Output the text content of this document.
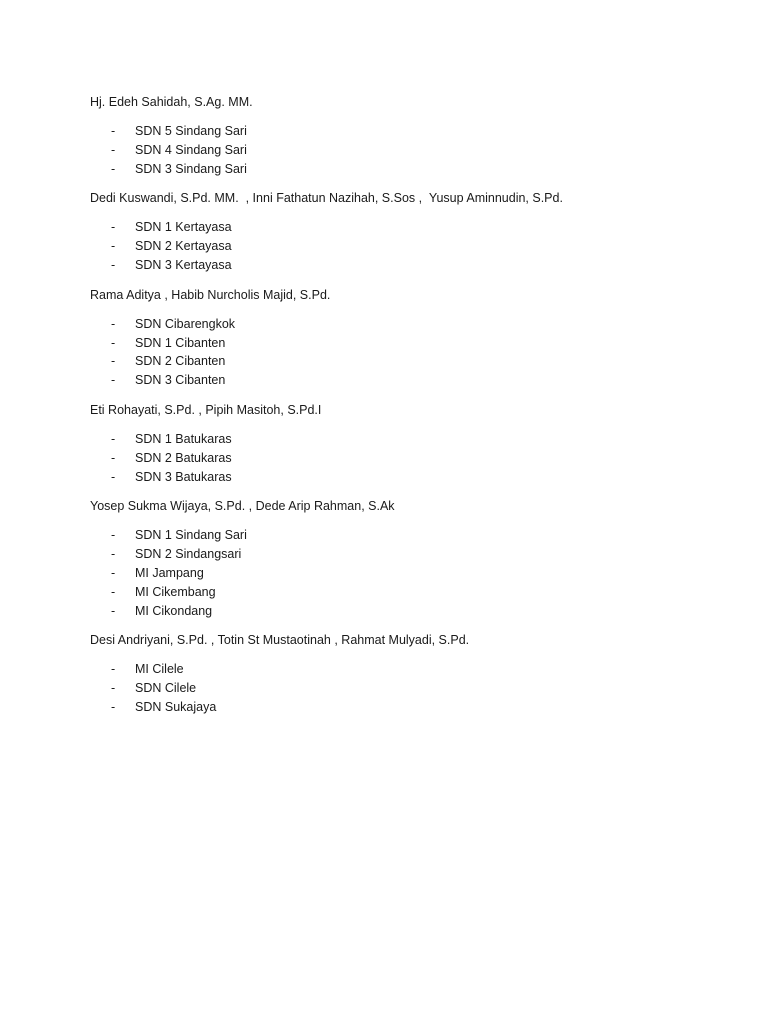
Hj. Edeh Sahidah, S.Ag. MM.

- SDN 5 Sindang Sari
- SDN 4 Sindang Sari
- SDN 3 Sindang Sari

Dedi Kuswandi, S.Pd. MM.  , Inni Fathatun Nazihah, S.Sos ,  Yusup Aminnudin, S.Pd.

- SDN 1 Kertayasa
- SDN 2 Kertayasa
- SDN 3 Kertayasa

Rama Aditya , Habib Nurcholis Majid, S.Pd.

- SDN Cibarengkok
- SDN 1 Cibanten
- SDN 2 Cibanten
- SDN 3 Cibanten

Eti Rohayati, S.Pd. , Pipih Masitoh, S.Pd.I

- SDN 1 Batukaras
- SDN 2 Batukaras
- SDN 3 Batukaras

Yosep Sukma Wijaya, S.Pd. , Dede Arip Rahman, S.Ak

- SDN 1 Sindang Sari
- SDN 2 Sindangsari
- MI Jampang
- MI Cikembang
- MI Cikondang

Desi Andriyani, S.Pd. , Totin St Mustaotinah , Rahmat Mulyadi, S.Pd.

- MI Cilele
- SDN Cilele
- SDN Sukajaya
